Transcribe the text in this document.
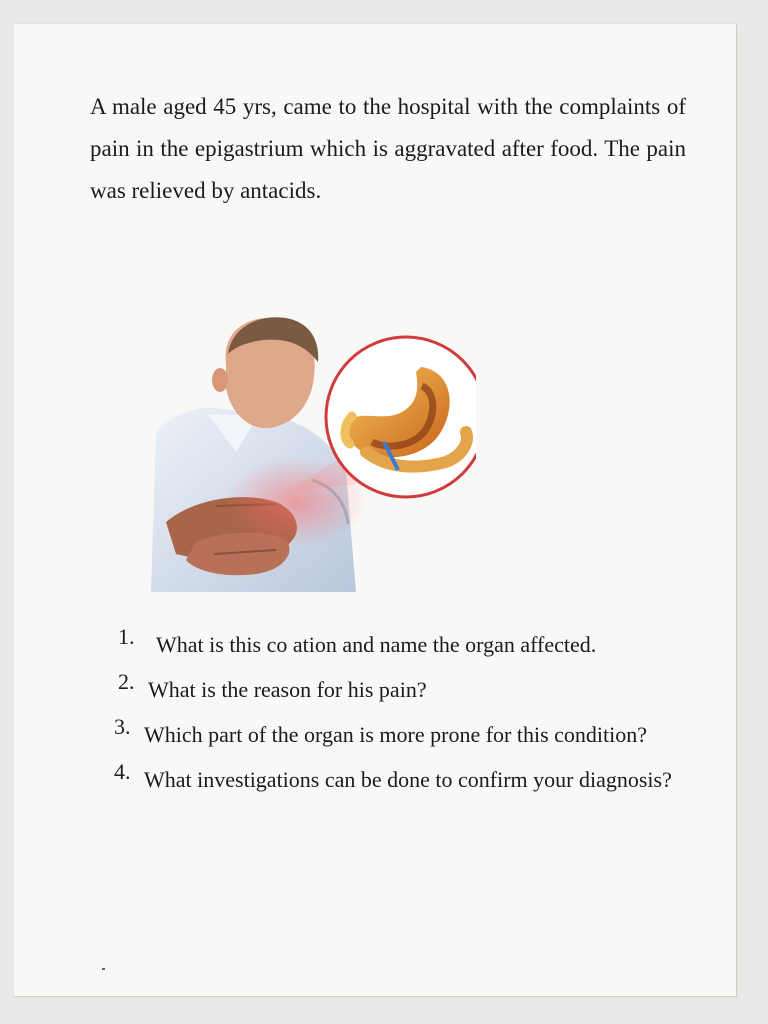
A male aged 45 yrs, came to the hospital with the complaints of pain in the epigastrium which is aggravated after food. The pain was relieved by antacids.

1. What is this co ation and name the organ affected.
2. What is the reason for his pain?
3. Which part of the organ is more prone for this condition?
4. What investigations can be done to confirm your diagnosis?
